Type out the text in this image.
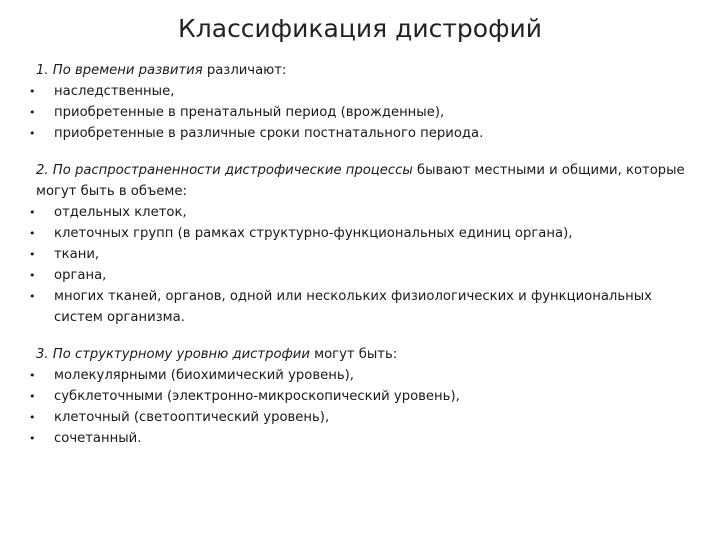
Классификация дистрофий
1. По времени развития различают:
• наследственные,
• приобретенные в пренатальный период (врожденные),
• приобретенные в различные сроки постнатального периода.
2. По распространенности дистрофические процессы бывают местными и общими, которые могут быть в объеме:
• отдельных клеток,
• клеточных групп (в рамках структурно-функциональных единиц органа),
• ткани,
• органа,
• многих тканей, органов, одной или нескольких физиологических и функциональных систем организма.
3. По структурному уровню дистрофии могут быть:
• молекулярными (биохимический уровень),
• субклеточными (электронно-микроскопический уровень),
• клеточный (светооптический уровень),
• сочетанный.
